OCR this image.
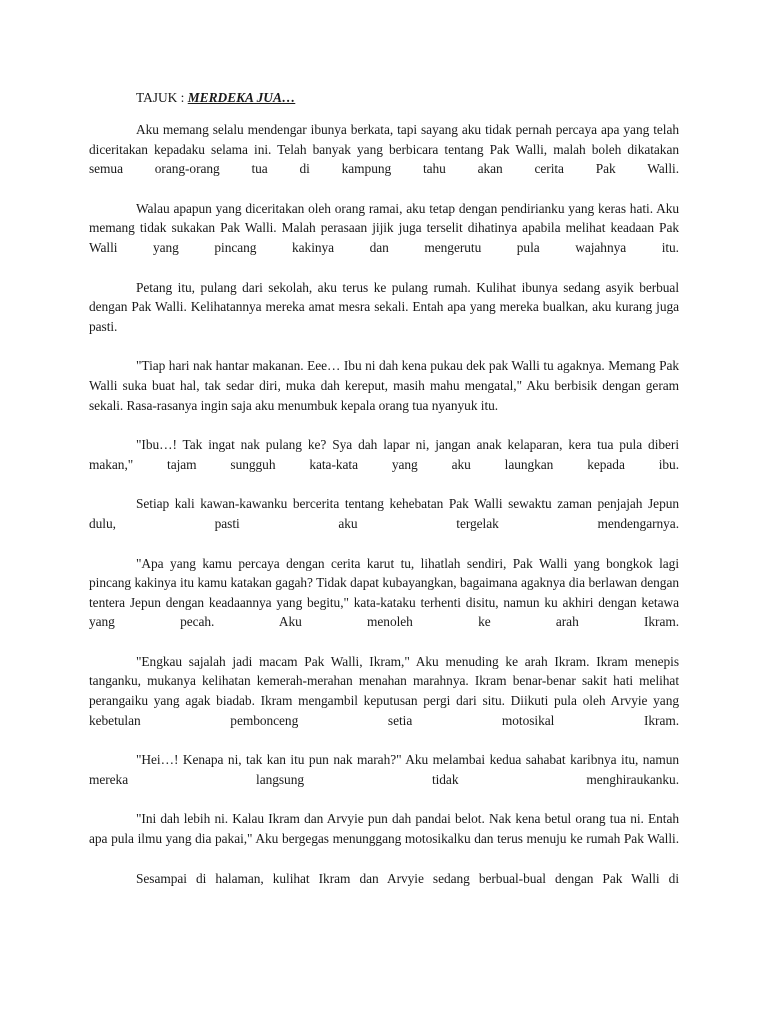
TAJUK : MERDEKA JUA…

Aku memang selalu mendengar ibunya berkata, tapi sayang aku tidak pernah percaya apa yang telah diceritakan kepadaku selama ini. Telah banyak yang berbicara tentang Pak Walli, malah boleh dikatakan semua orang-orang tua di kampung tahu akan cerita Pak Walli.

Walau apapun yang diceritakan oleh orang ramai, aku tetap dengan pendirianku yang keras hati. Aku memang tidak sukakan Pak Walli. Malah perasaan jijik juga terselit dihatinya apabila melihat keadaan Pak Walli yang pincang kakinya dan mengerutu pula wajahnya itu.

Petang itu, pulang dari sekolah, aku terus ke pulang rumah. Kulihat ibunya sedang asyik berbual dengan Pak Walli. Kelihatannya mereka amat mesra sekali. Entah apa yang mereka bualkan, aku kurang juga pasti.

"Tiap hari nak hantar makanan. Eee… Ibu ni dah kena pukau dek pak Walli tu agaknya. Memang Pak Walli suka buat hal, tak sedar diri, muka dah kereput, masih mahu mengatal," Aku berbisik dengan geram sekali. Rasa-rasanya ingin saja aku menumbuk kepala orang tua nyanyuk itu.

"Ibu…! Tak ingat nak pulang ke? Sya dah lapar ni, jangan anak kelaparan, kera tua pula diberi makan," tajam sungguh kata-kata yang aku laungkan kepada ibu.

Setiap kali kawan-kawanku bercerita tentang kehebatan Pak Walli sewaktu zaman penjajah Jepun dulu, pasti aku tergelak mendengarnya.

"Apa yang kamu percaya dengan cerita karut tu, lihatlah sendiri, Pak Walli yang bongkok lagi pincang kakinya itu kamu katakan gagah? Tidak dapat kubayangkan, bagaimana agaknya dia berlawan dengan tentera Jepun dengan keadaannya yang begitu," kata-kataku terhenti disitu, namun ku akhiri dengan ketawa yang pecah. Aku menoleh ke arah Ikram.

"Engkau sajalah jadi macam Pak Walli, Ikram," Aku menuding ke arah Ikram. Ikram menepis tanganku, mukanya kelihatan kemerah-merahan menahan marahnya. Ikram benar-benar sakit hati melihat perangaiku yang agak biadab. Ikram mengambil keputusan pergi dari situ. Diikuti pula oleh Arvyie yang kebetulan pembonceng setia motosikal Ikram.

"Hei…! Kenapa ni, tak kan itu pun nak marah?" Aku melambai kedua sahabat karibnya itu, namun mereka langsung tidak menghiraukanku.

"Ini dah lebih ni. Kalau Ikram dan Arvyie pun dah pandai belot. Nak kena betul orang tua ni. Entah apa pula ilmu yang dia pakai," Aku bergegas menunggang motosikalku dan terus menuju ke rumah Pak Walli.

Sesampai di halaman, kulihat Ikram dan Arvyie sedang berbual-bual dengan Pak Walli di
